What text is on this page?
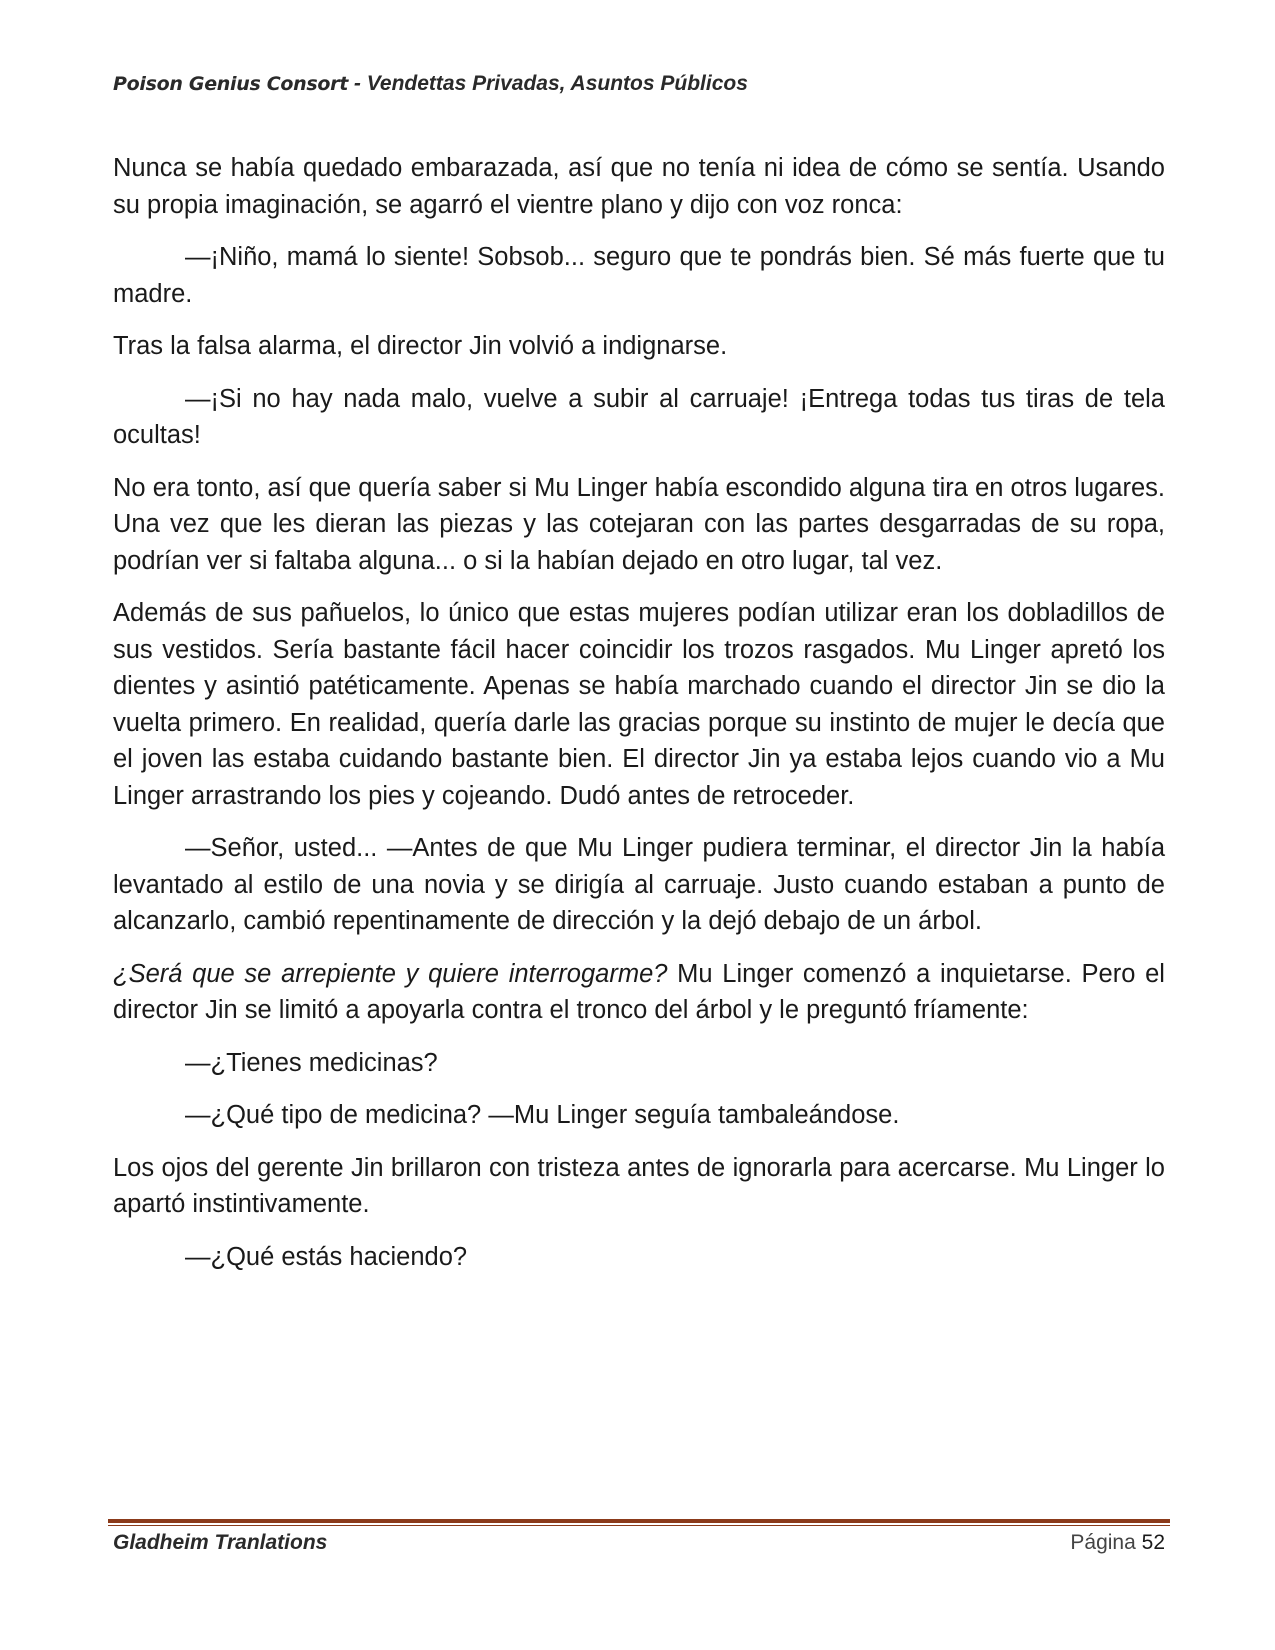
Poison Genius Consort - Vendettas Privadas, Asuntos Públicos

Nunca se había quedado embarazada, así que no tenía ni idea de cómo se sentía. Usando su propia imaginación, se agarró el vientre plano y dijo con voz ronca:

—¡Niño, mamá lo siente! Sobsob... seguro que te pondrás bien. Sé más fuerte que tu madre.

Tras la falsa alarma, el director Jin volvió a indignarse.

—¡Si no hay nada malo, vuelve a subir al carruaje! ¡Entrega todas tus tiras de tela ocultas!

No era tonto, así que quería saber si Mu Linger había escondido alguna tira en otros lugares. Una vez que les dieran las piezas y las cotejaran con las partes desgarradas de su ropa, podrían ver si faltaba alguna... o si la habían dejado en otro lugar, tal vez.

Además de sus pañuelos, lo único que estas mujeres podían utilizar eran los dobladillos de sus vestidos. Sería bastante fácil hacer coincidir los trozos rasgados. Mu Linger apretó los dientes y asintió patéticamente. Apenas se había marchado cuando el director Jin se dio la vuelta primero. En realidad, quería darle las gracias porque su instinto de mujer le decía que el joven las estaba cuidando bastante bien. El director Jin ya estaba lejos cuando vio a Mu Linger arrastrando los pies y cojeando. Dudó antes de retroceder.

—Señor, usted... —Antes de que Mu Linger pudiera terminar, el director Jin la había levantado al estilo de una novia y se dirigía al carruaje. Justo cuando estaban a punto de alcanzarlo, cambió repentinamente de dirección y la dejó debajo de un árbol.

¿Será que se arrepiente y quiere interrogarme? Mu Linger comenzó a inquietarse. Pero el director Jin se limitó a apoyarla contra el tronco del árbol y le preguntó fríamente:

—¿Tienes medicinas?

—¿Qué tipo de medicina? —Mu Linger seguía tambaleándose.

Los ojos del gerente Jin brillaron con tristeza antes de ignorarla para acercarse. Mu Linger lo apartó instintivamente.

—¿Qué estás haciendo?

Gladheim Tranlations	Página 52
